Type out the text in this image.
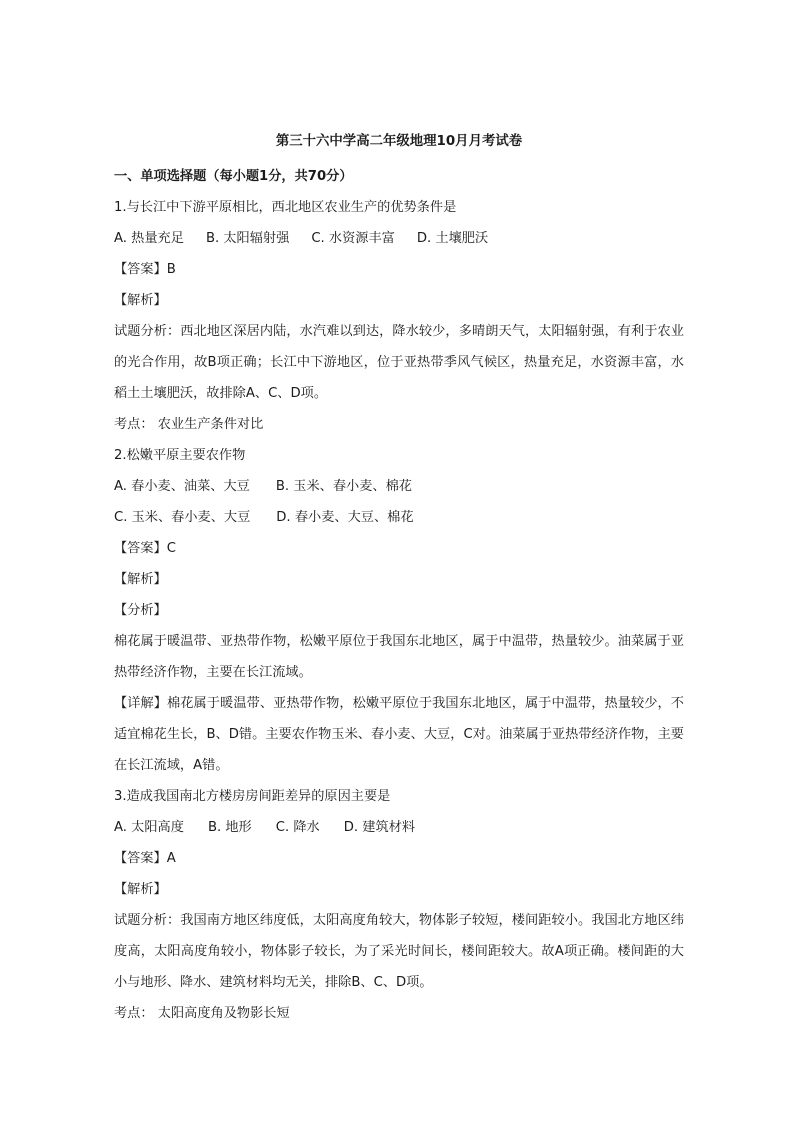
第三十六中学高二年级地理10月月考试卷
一、单项选择题（每小题1分，共70分）
1.与长江中下游平原相比，西北地区农业生产的优势条件是
A. 热量充足 B. 太阳辐射强 C. 水资源丰富 D. 土壤肥沃
【答案】B
【解析】

试题分析：西北地区深居内陆，水汽难以到达，降水较少，多晴朗天气，太阳辐射强，有利于农业的光合作用，故B项正确；长江中下游地区，位于亚热带季风气候区，热量充足，水资源丰富，水稻土土壤肥沃，故排除A、C、D项。

考点： 农业生产条件对比
2.松嫩平原主要农作物
A. 春小麦、油菜、大豆 B. 玉米、春小麦、棉花
C. 玉米、春小麦、大豆 D. 春小麦、大豆、棉花
【答案】C
【解析】
【分析】

棉花属于暖温带、亚热带作物，松嫩平原位于我国东北地区，属于中温带，热量较少。油菜属于亚热带经济作物，主要在长江流域。

【详解】棉花属于暖温带、亚热带作物，松嫩平原位于我国东北地区，属于中温带，热量较少，不适宜棉花生长，B、D错。主要农作物玉米、春小麦、大豆，C对。油菜属于亚热带经济作物，主要在长江流域，A错。

3.造成我国南北方楼房房间距差异的原因主要是
A. 太阳高度 B. 地形 C. 降水 D. 建筑材料
【答案】A
【解析】

试题分析：我国南方地区纬度低，太阳高度角较大，物体影子较短，楼间距较小。我国北方地区纬度高，太阳高度角较小，物体影子较长，为了采光时间长，楼间距较大。故A项正确。楼间距的大小与地形、降水、建筑材料均无关，排除B、C、D项。

考点： 太阳高度角及物影长短
